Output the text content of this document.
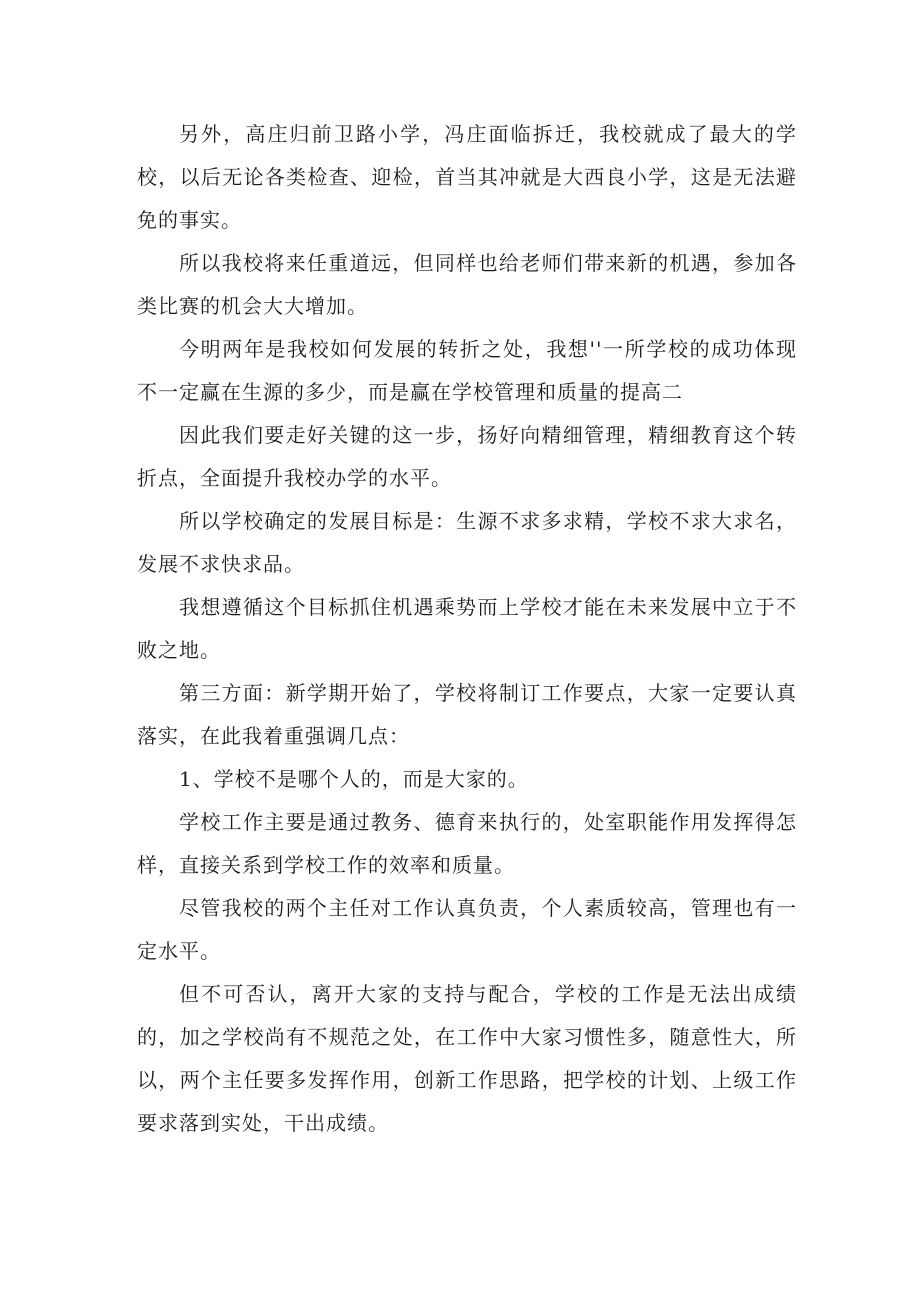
另外，高庄归前卫路小学，冯庄面临拆迁，我校就成了最大的学校，以后无论各类检查、迎检，首当其冲就是大西良小学，这是无法避免的事实。

所以我校将来任重道远，但同样也给老师们带来新的机遇，参加各类比赛的机会大大增加。

今明两年是我校如何发展的转折之处，我想''一所学校的成功体现不一定赢在生源的多少，而是赢在学校管理和质量的提高二

因此我们要走好关键的这一步，扬好向精细管理，精细教育这个转折点，全面提升我校办学的水平。

所以学校确定的发展目标是：生源不求多求精，学校不求大求名，发展不求快求品。

我想遵循这个目标抓住机遇乘势而上学校才能在未来发展中立于不败之地。

第三方面：新学期开始了，学校将制订工作要点，大家一定要认真落实，在此我着重强调几点：

1、学校不是哪个人的，而是大家的。

学校工作主要是通过教务、德育来执行的，处室职能作用发挥得怎样，直接关系到学校工作的效率和质量。

尽管我校的两个主任对工作认真负责，个人素质较高，管理也有一定水平。

但不可否认，离开大家的支持与配合，学校的工作是无法出成绩的，加之学校尚有不规范之处，在工作中大家习惯性多，随意性大，所以，两个主任要多发挥作用，创新工作思路，把学校的计划、上级工作要求落到实处，干出成绩。
